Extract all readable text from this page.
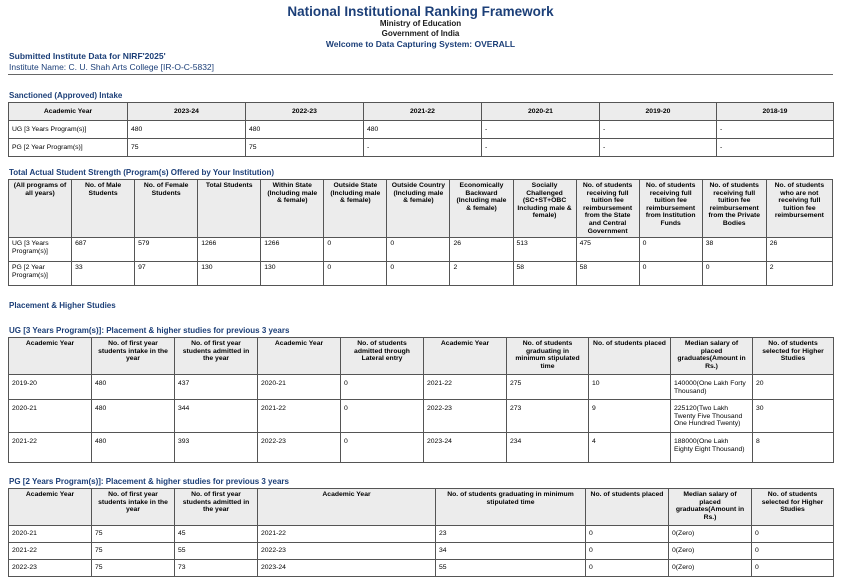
National Institutional Ranking Framework
Ministry of Education
Government of India
Welcome to Data Capturing System: OVERALL
Submitted Institute Data for NIRF'2025'
Institute Name: C. U. Shah Arts College [IR-O-C-5832]
Sanctioned (Approved) Intake
Academic Year	2023-24	2022-23	2021-22	2020-21	2019-20	2018-19
UG [3 Years Program(s)]	480	480	480	-	-	-
PG [2 Year Program(s)]	75	75	-	-	-	-
Total Actual Student Strength (Program(s) Offered by Your Institution)
(All programs of all years)	No. of Male Students	No. of Female Students	Total Students	Within State (Including male & female)	Outside State (Including male & female)	Outside Country (Including male & female)	Economically Backward (Including male & female)	Socially Challenged (SC+ST+OBC Including male & female)	No. of students receiving full tuition fee reimbursement from the State and Central Government	No. of students receiving full tuition fee reimbursement from Institution Funds	No. of students receiving full tuition fee reimbursement from the Private Bodies	No. of students who are not receiving full tuition fee reimbursement
UG [3 Years Program(s)]	687	579	1266	1266	0	0	26	513	475	0	38	26
PG [2 Year Program(s)]	33	97	130	130	0	0	2	58	58	0	0	2
Placement & Higher Studies
UG [3 Years Program(s)]: Placement & higher studies for previous 3 years
Academic Year	No. of first year students intake in the year	No. of first year students admitted in the year	Academic Year	No. of students admitted through Lateral entry	Academic Year	No. of students graduating in minimum stipulated time	No. of students placed	Median salary of placed graduates(Amount in Rs.)	No. of students selected for Higher Studies
2019-20	480	437	2020-21	0	2021-22	275	10	140000(One Lakh Forty Thousand)	20
2020-21	480	344	2021-22	0	2022-23	273	9	225120(Two Lakh Twenty Five Thousand One Hundred Twenty)	30
2021-22	480	393	2022-23	0	2023-24	234	4	188000(One Lakh Eighty Eight Thousand)	8
PG [2 Years Program(s)]: Placement & higher studies for previous 3 years
Academic Year	No. of first year students intake in the year	No. of first year students admitted in the year	Academic Year	No. of students graduating in minimum stipulated time	No. of students placed	Median salary of placed graduates(Amount in Rs.)	No. of students selected for Higher Studies
2020-21	75	45	2021-22	23	0	0(Zero)	0
2021-22	75	55	2022-23	34	0	0(Zero)	0
2022-23	75	73	2023-24	55	0	0(Zero)	0
